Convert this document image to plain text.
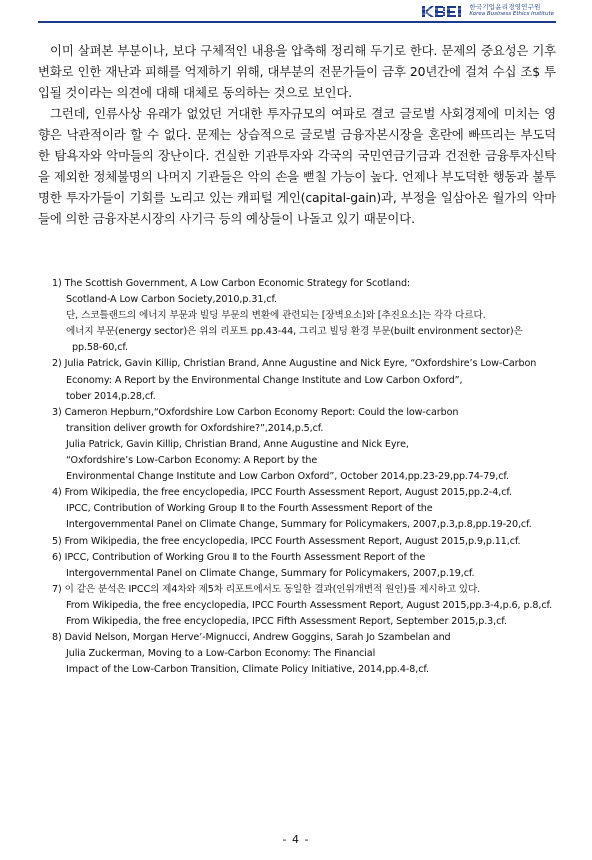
한국기업윤리경영연구원
Korea Business Ethics Institute

이미 살펴본 부분이나, 보다 구체적인 내용을 압축해 정리해 두기로 한다. 문제의 중요성은 기후변화로 인한 재난과 피해를 억제하기 위해, 대부분의 전문가들이 금후 20년간에 걸쳐 수십 조$ 투입될 것이라는 의견에 대해 대체로 동의하는 것으로 보인다.

그런데, 인류사상 유래가 없었던 거대한 투자규모의 여파로 결코 글로벌 사회경제에 미치는 영향은 낙관적이라 할 수 없다. 문제는 상습적으로 글로벌 금융자본시장을 혼란에 빠뜨리는 부도덕한 탐욕자와 악마들의 장난이다. 건실한 기관투자와 각국의 국민연금기금과 건전한 금융투자신탁을 제외한 정체불명의 나머지 기관들은 악의 손을 뻗칠 가능이 높다. 언제나 부도덕한 행동과 불투명한 투자가들이 기회를 노리고 있는 캐피털 게인(capital-gain)과, 부정을 일삼아온 월가의 악마들에 의한 금융자본시장의 사기극 등의 예상들이 나돌고 있기 때문이다.

1) The Scottish Government, A Low Carbon Economic Strategy for Scotland:
Scotland-A Low Carbon Society,2010,p.31,cf.
단, 스코틀랜드의 에너지 부문과 빌딩 부문의 변환에 관련되는 [장벽요소]와 [추진요소]는 각각 다르다.
에너지 부문(energy sector)은 위의 리포트 pp.43-44, 그리고 빌딩 환경 부문(built environment sector)은
pp.58-60,cf.
2) Julia Patrick, Gavin Killip, Christian Brand, Anne Augustine and Nick Eyre, “Oxfordshire’s Low-Carbon
Economy: A Report by the Environmental Change Institute and Low Carbon Oxford”,
tober 2014,p.28,cf.
3) Cameron Hepburn,“Oxfordshire Low Carbon Economy Report: Could the low-carbon
transition deliver growth for Oxfordshire?”,2014,p.5,cf.
Julia Patrick, Gavin Killip, Christian Brand, Anne Augustine and Nick Eyre,
“Oxfordshire’s Low-Carbon Economy: A Report by the
Environmental Change Institute and Low Carbon Oxford”, October 2014,pp.23-29,pp.74-79,cf.
4) From Wikipedia, the free encyclopedia, IPCC Fourth Assessment Report, August 2015,pp.2-4,cf.
IPCC, Contribution of Working Group Ⅱ to the Fourth Assessment Report of the
Intergovernmental Panel on Climate Change, Summary for Policymakers, 2007,p.3,p.8,pp.19-20,cf.
5) From Wikipedia, the free encyclopedia, IPCC Fourth Assessment Report, August 2015,p.9,p.11,cf.
6) IPCC, Contribution of Working Grou Ⅱ to the Fourth Assessment Report of the
Intergovernmental Panel on Climate Change, Summary for Policymakers, 2007,p.19,cf.
7) 이 같은 분석은 IPCC의 제4차와 제5차 리포트에서도 동일한 결과(인위개변적 원인)를 제시하고 있다.
From Wikipedia, the free encyclopedia, IPCC Fourth Assessment Report, August 2015,pp.3-4,p.6, p.8,cf.
From Wikipedia, the free encyclopedia, IPCC Fifth Assessment Report, September 2015,p.3,cf.
8) David Nelson, Morgan Herve’-Mignucci, Andrew Goggins, Sarah Jo Szambelan and
Julia Zuckerman, Moving to a Low-Carbon Economy: The Financial
Impact of the Low-Carbon Transition, Climate Policy Initiative, 2014,pp.4-8,cf.
- 4 -
